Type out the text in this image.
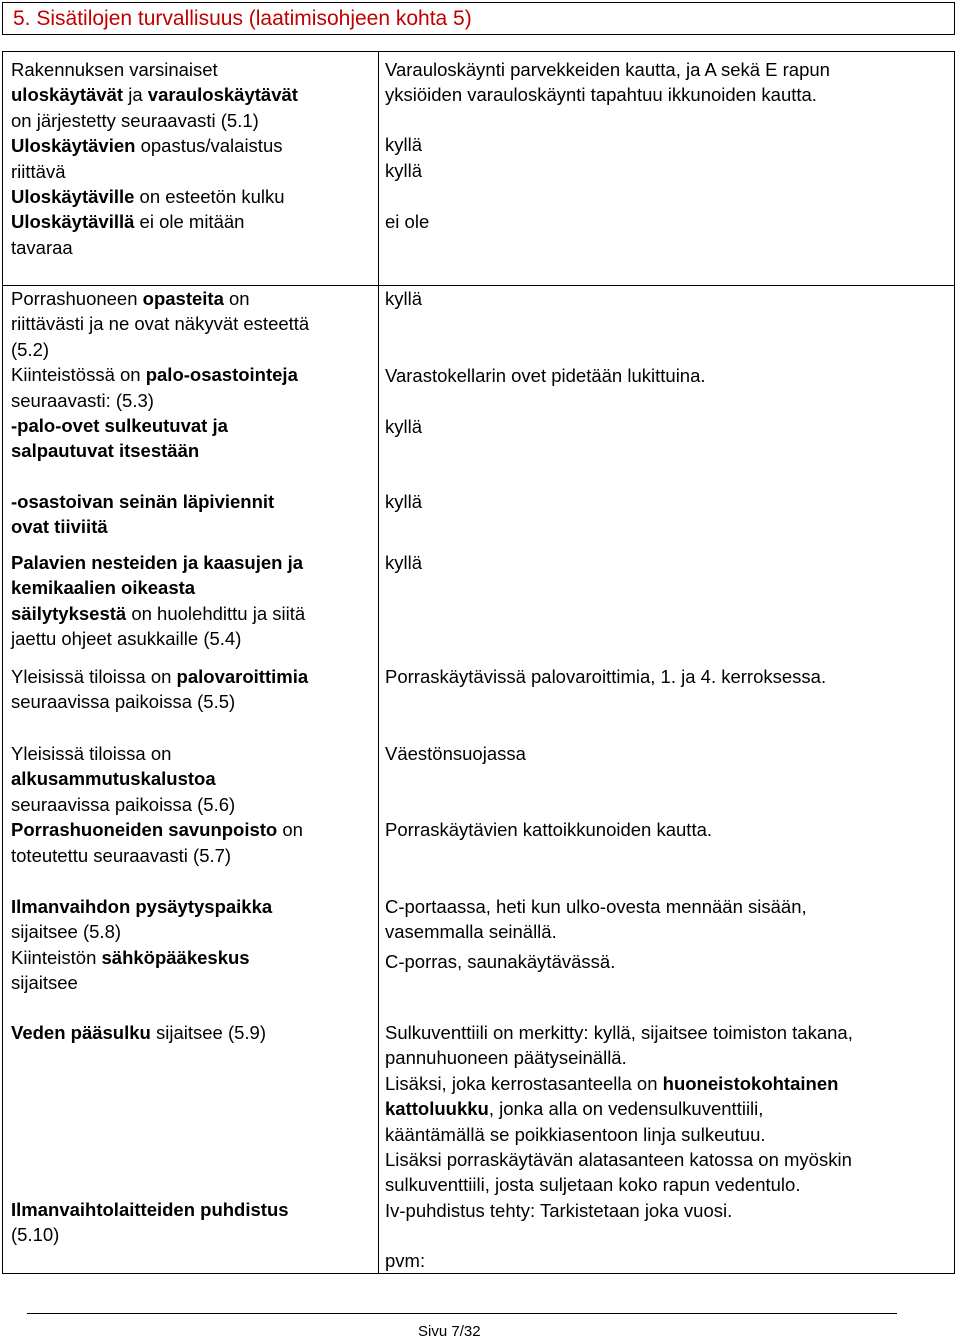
5. Sisätilojen turvallisuus (laatimisohjeen kohta 5)
Rakennuksen varsinaiset
uloskäytävät ja varauloskäytävät
on järjestetty seuraavasti (5.1)
Uloskäytävien opastus/valaistus
riittävä
Uloskäytäville on esteetön kulku
Uloskäytävillä ei ole mitään
tavaraa
Porrashuoneen opasteita on
riittävästi ja ne ovat näkyvät esteettä
(5.2)
Kiinteistössä on palo-osastointeja
seuraavasti: (5.3)
-palo-ovet sulkeutuvat ja
salpautuvat itsestään
-osastoivan seinän läpiviennit
ovat tiiviitä
Palavien nesteiden ja kaasujen ja
kemikaalien oikeasta
säilytyksestä on huolehdittu ja siitä
jaettu ohjeet asukkaille (5.4)
Yleisissä tiloissa on palovaroittimia
seuraavissa paikoissa (5.5)
Yleisissä tiloissa on
alkusammutuskalustoa
seuraavissa paikoissa (5.6)
Porrashuoneiden savunpoisto on
toteutettu seuraavasti (5.7)
Ilmanvaihdon pysäytyspaikka
sijaitsee (5.8)
Kiinteistön sähköpääkeskus
sijaitsee
Veden pääsulku sijaitsee (5.9)
Ilmanvaihtolaitteiden puhdistus
(5.10)
Varauloskäynti parvekkeiden kautta, ja A sekä E rapun
yksiöiden varauloskäynti tapahtuu ikkunoiden kautta.
kyllä
kyllä
ei ole
kyllä
Varastokellarin ovet pidetään lukittuina.
kyllä
kyllä
kyllä
Porraskäytävissä palovaroittimia, 1. ja 4. kerroksessa.
Väestönsuojassa
Porraskäytävien kattoikkunoiden kautta.
C-portaassa, heti kun ulko-ovesta mennään sisään,
vasemmalla seinällä.
C-porras, saunakäytävässä.
Sulkuventtiili on merkitty: kyllä, sijaitsee toimiston takana,
pannuhuoneen päätyseinällä.
Lisäksi, joka kerrostasanteella on huoneistokohtainen
kattoluukku, jonka alla on vedensulkuventtiili,
kääntämällä se poikkiasentoon linja sulkeutuu.
Lisäksi porraskäytävän alatasanteen katossa on myöskin
sulkuventtiili, josta suljetaan koko rapun vedentulo.
Iv-puhdistus tehty: Tarkistetaan joka vuosi.
pvm:
Sivu 7/32
